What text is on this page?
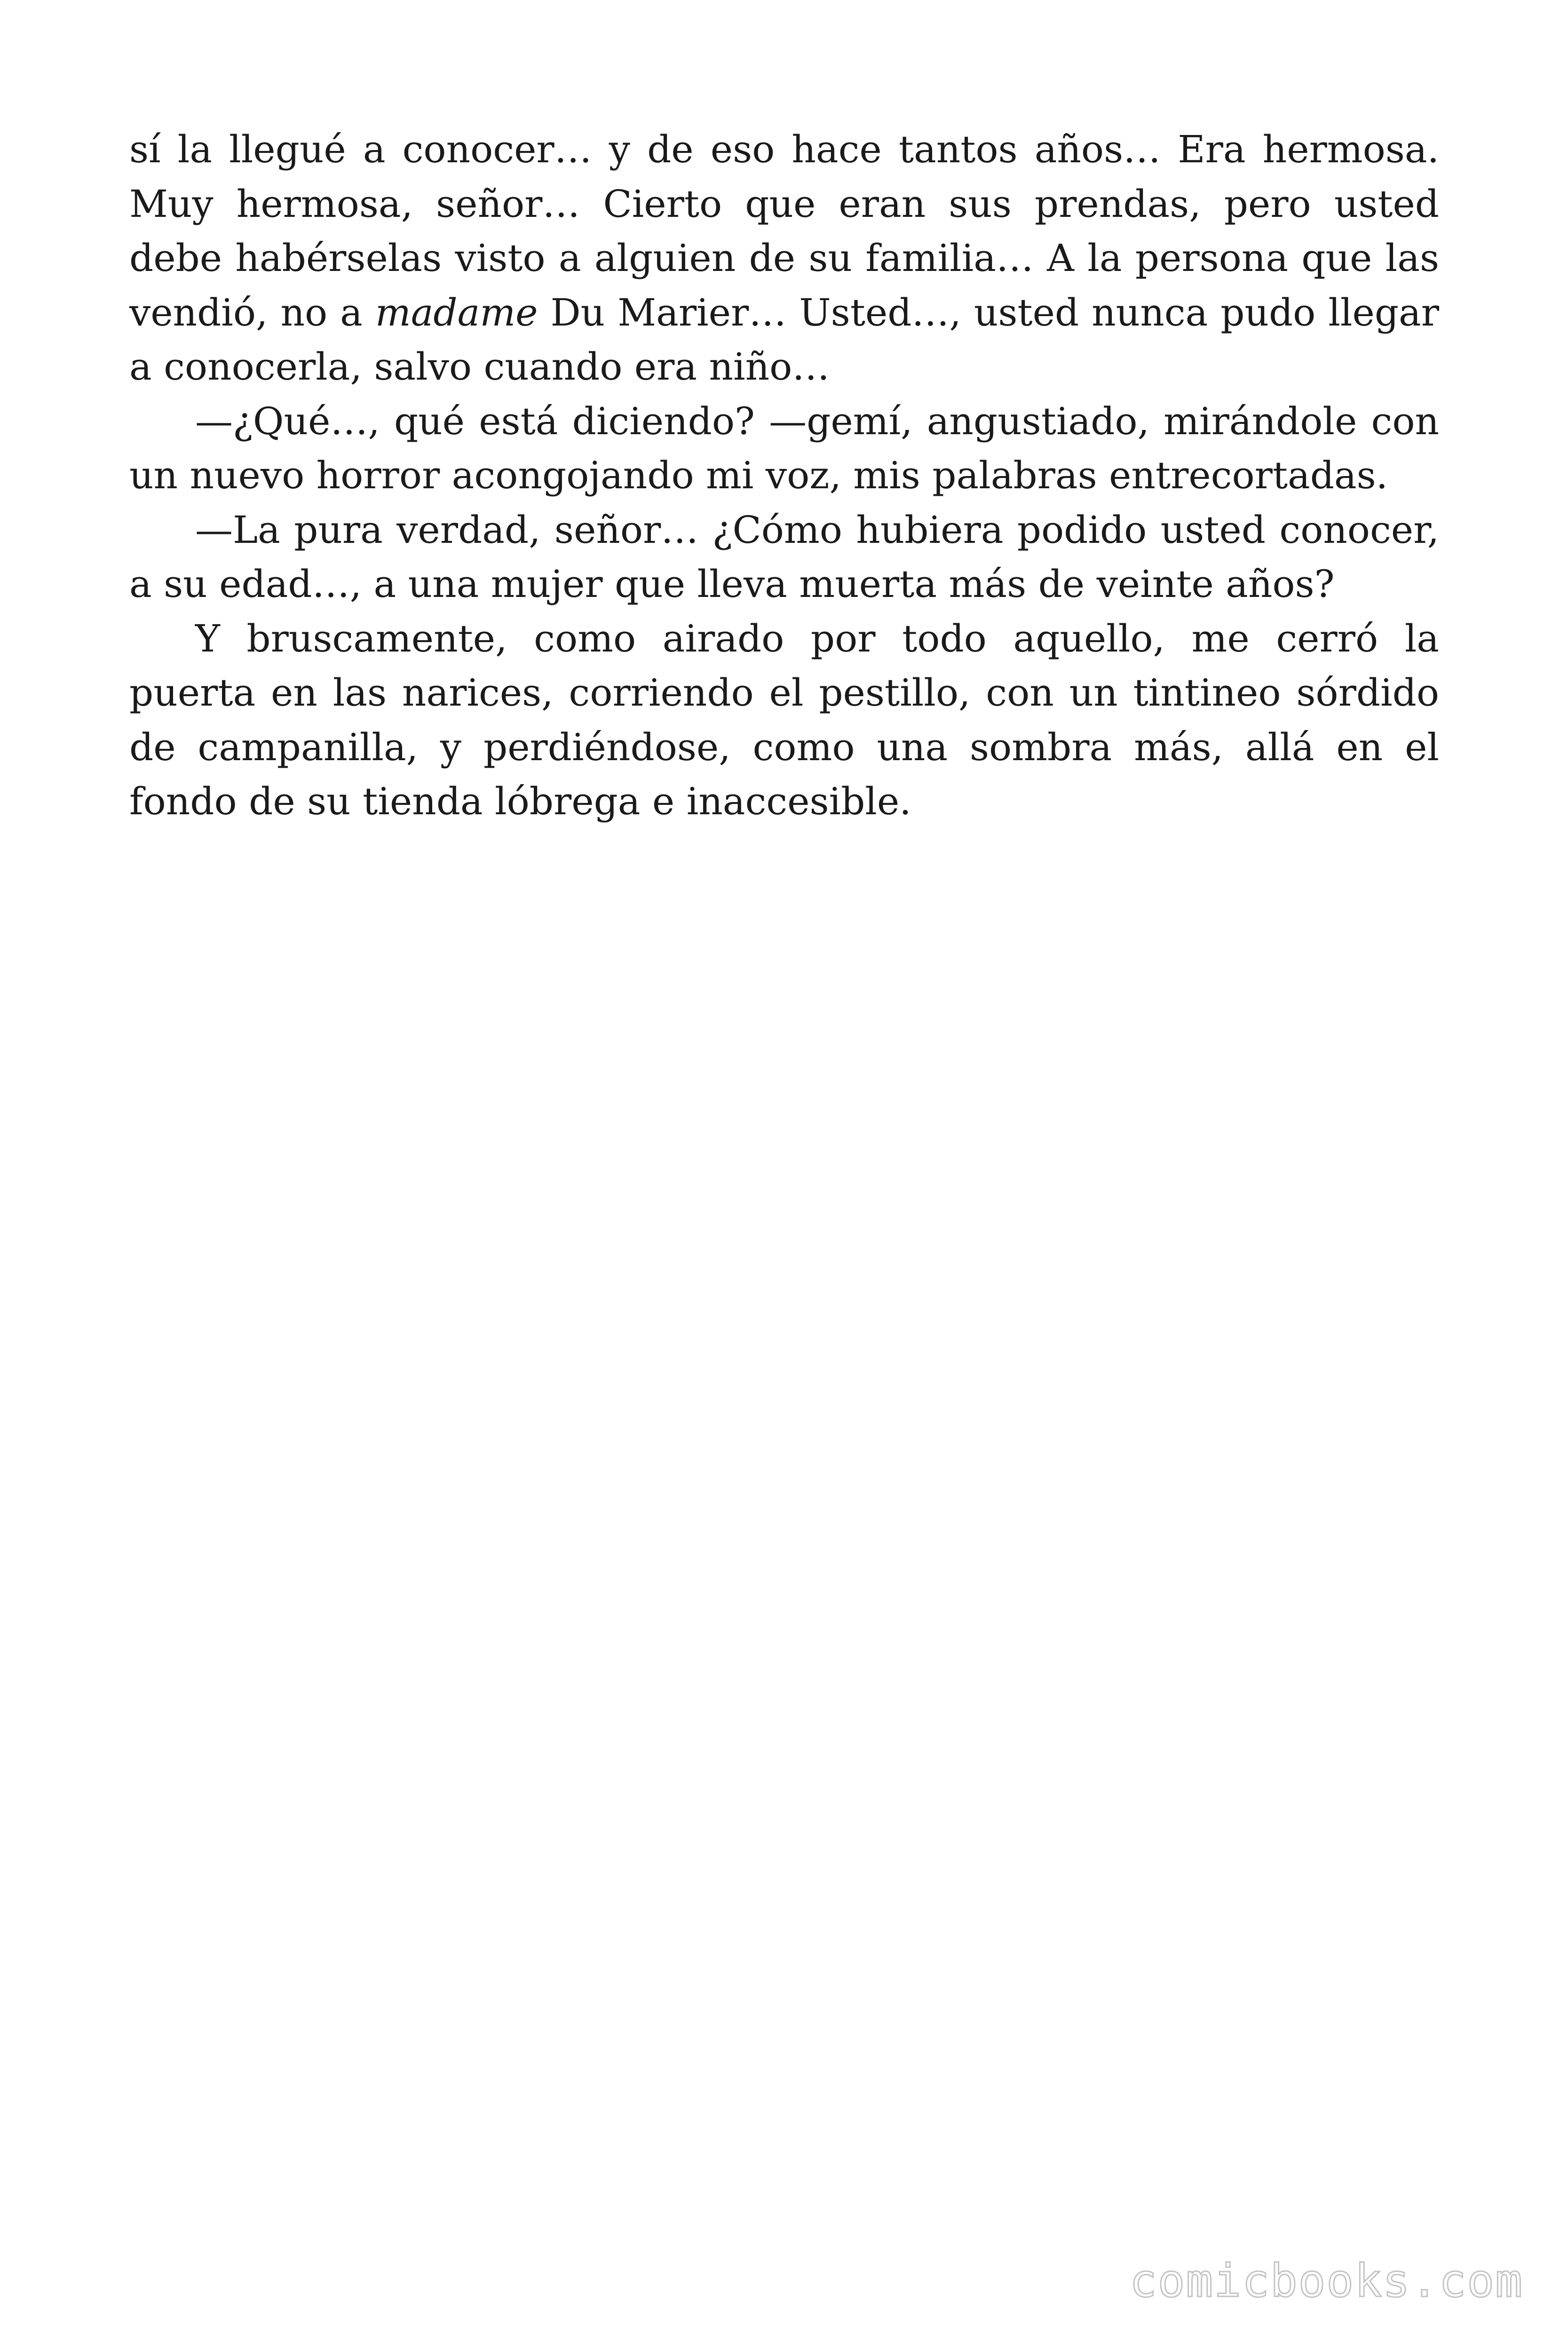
sí la llegué a conocer… y de eso hace tantos años… Era hermosa. Muy hermosa, señor… Cierto que eran sus prendas, pero usted debe habérselas visto a alguien de su familia… A la persona que las vendió, no a madame Du Marier… Usted…, usted nunca pudo llegar a conocerla, salvo cuando era niño…

—¿Qué…, qué está diciendo? —gemí, angustiado, mirándole con un nuevo horror acongojando mi voz, mis palabras entrecortadas.

—La pura verdad, señor… ¿Cómo hubiera podido usted conocer, a su edad…, a una mujer que lleva muerta más de veinte años?

Y bruscamente, como airado por todo aquello, me cerró la puerta en las narices, corriendo el pestillo, con un tintineo sórdido de campanilla, y perdiéndose, como una sombra más, allá en el fondo de su tienda lóbrega e inaccesible.

comicbooks.com
